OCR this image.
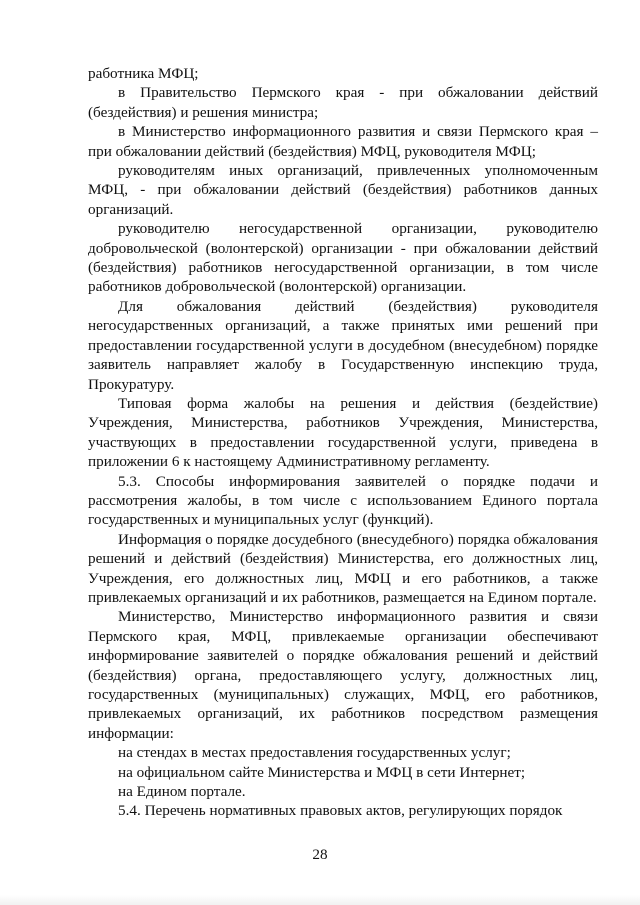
работника МФЦ;

в Правительство Пермского края - при обжаловании действий (бездействия) и решения министра;

в Министерство информационного развития и связи Пермского края – при обжаловании действий (бездействия) МФЦ, руководителя МФЦ;

руководителям иных организаций, привлеченных уполномоченным МФЦ, - при обжаловании действий (бездействия) работников данных организаций.

руководителю негосударственной организации, руководителю добровольческой (волонтерской) организации - при обжаловании действий (бездействия) работников негосударственной организации, в том числе работников добровольческой (волонтерской) организации.

Для обжалования действий (бездействия) руководителя негосударственных организаций, а также принятых ими решений при предоставлении государственной услуги в досудебном (внесудебном) порядке заявитель направляет жалобу в Государственную инспекцию труда, Прокуратуру.

Типовая форма жалобы на решения и действия (бездействие) Учреждения, Министерства, работников Учреждения, Министерства, участвующих в предоставлении государственной услуги, приведена в приложении 6 к настоящему Административному регламенту.

5.3. Способы информирования заявителей о порядке подачи и рассмотрения жалобы, в том числе с использованием Единого портала государственных и муниципальных услуг (функций).

Информация о порядке досудебного (внесудебного) порядка обжалования решений и действий (бездействия) Министерства, его должностных лиц, Учреждения, его должностных лиц, МФЦ и его работников, а также привлекаемых организаций и их работников, размещается на Едином портале.

Министерство, Министерство информационного развития и связи Пермского края, МФЦ, привлекаемые организации обеспечивают информирование заявителей о порядке обжалования решений и действий (бездействия) органа, предоставляющего услугу, должностных лиц, государственных (муниципальных) служащих, МФЦ, его работников, привлекаемых организаций, их работников посредством размещения информации:

на стендах в местах предоставления государственных услуг;

на официальном сайте Министерства и МФЦ в сети Интернет;

на Едином портале.

5.4. Перечень нормативных правовых актов, регулирующих порядок

28
